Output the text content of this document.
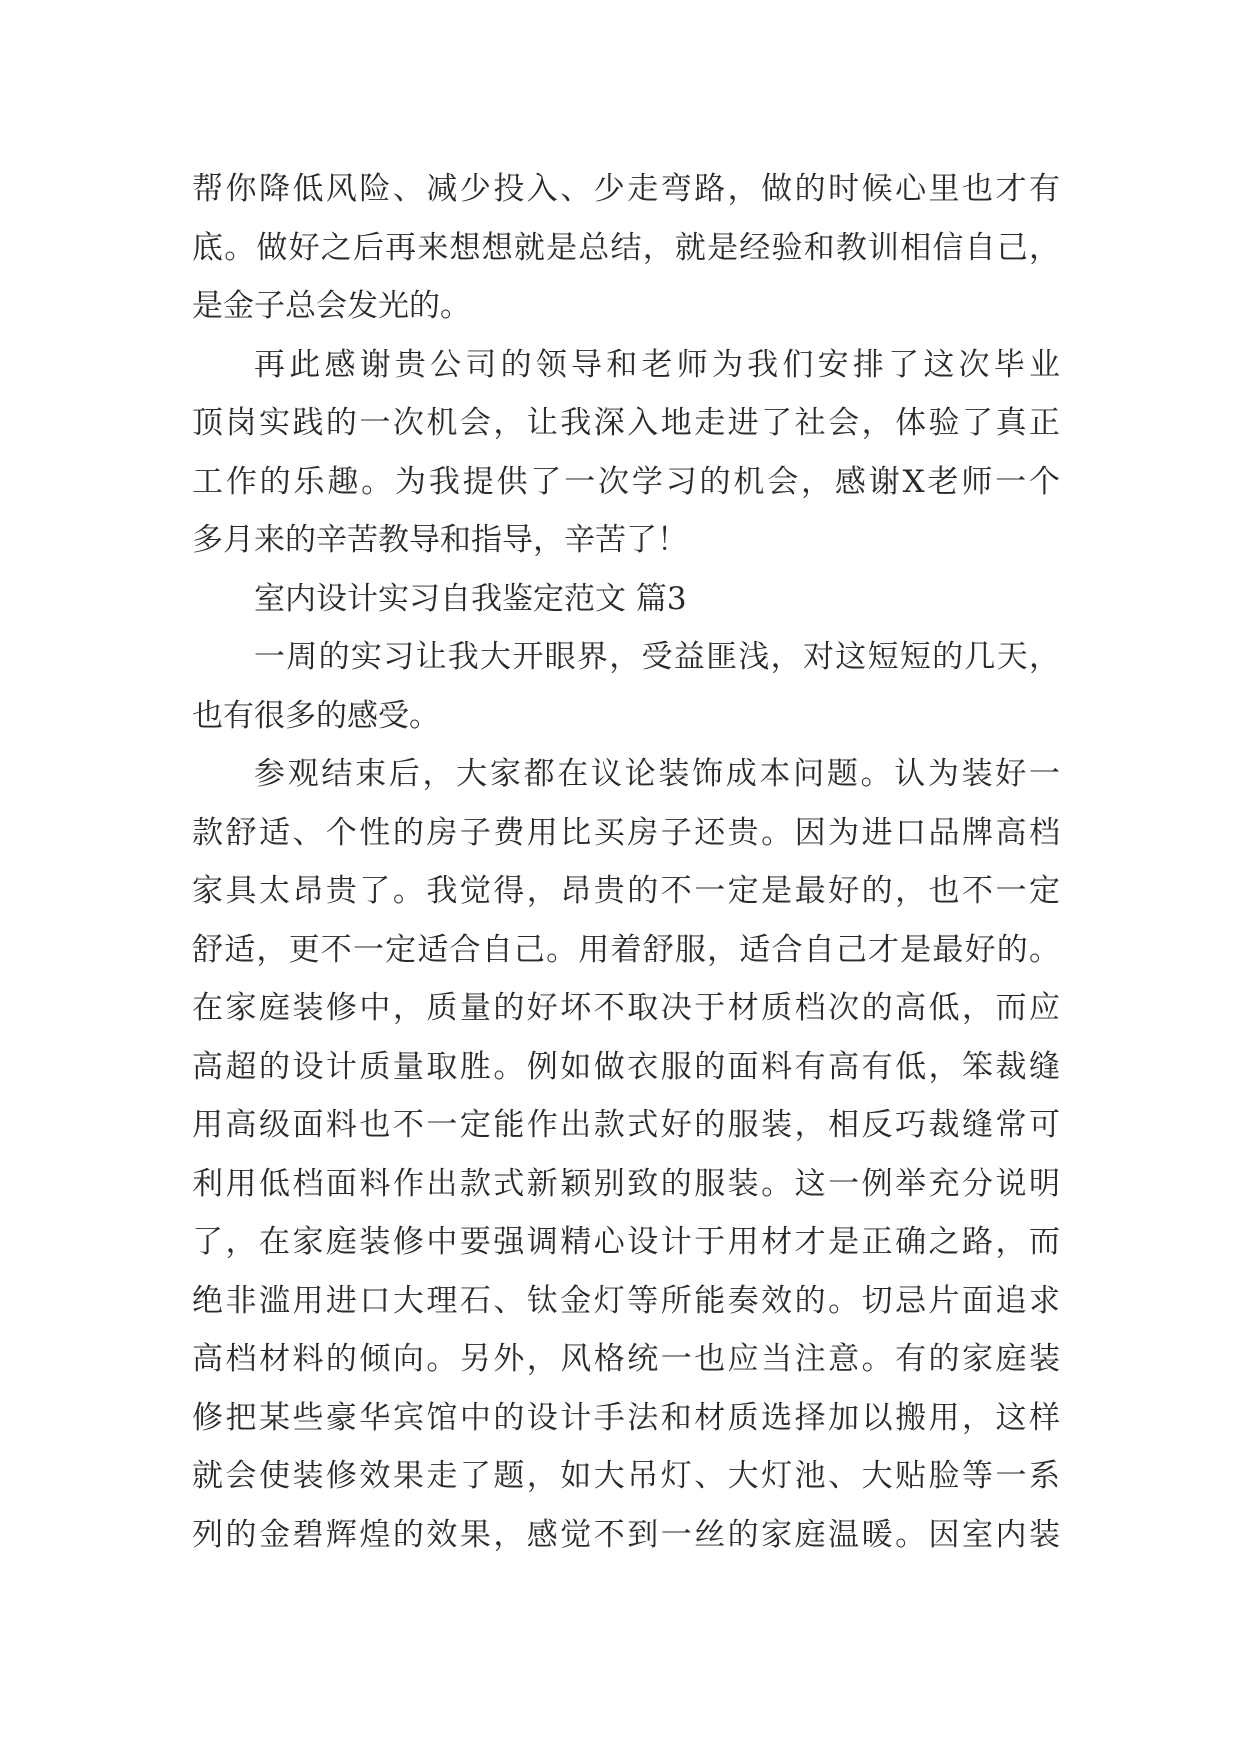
帮你降低风险、减少投入、少走弯路，做的时候心里也才有
底。做好之后再来想想就是总结，就是经验和教训相信自己，
是金子总会发光的。
再此感谢贵公司的领导和老师为我们安排了这次毕业
顶岗实践的一次机会，让我深入地走进了社会，体验了真正
工作的乐趣。为我提供了一次学习的机会，感谢X老师一个
多月来的辛苦教导和指导，辛苦了！
室内设计实习自我鉴定范文 篇3
一周的实习让我大开眼界，受益匪浅，对这短短的几天，
也有很多的感受。
参观结束后，大家都在议论装饰成本问题。认为装好一
款舒适、个性的房子费用比买房子还贵。因为进口品牌高档
家具太昂贵了。我觉得，昂贵的不一定是最好的，也不一定
舒适，更不一定适合自己。用着舒服，适合自己才是最好的。
在家庭装修中，质量的好坏不取决于材质档次的高低，而应
高超的设计质量取胜。例如做衣服的面料有高有低，笨裁缝
用高级面料也不一定能作出款式好的服装，相反巧裁缝常可
利用低档面料作出款式新颖别致的服装。这一例举充分说明
了，在家庭装修中要强调精心设计于用材才是正确之路，而
绝非滥用进口大理石、钛金灯等所能奏效的。切忌片面追求
高档材料的倾向。另外，风格统一也应当注意。有的家庭装
修把某些豪华宾馆中的设计手法和材质选择加以搬用，这样
就会使装修效果走了题，如大吊灯、大灯池、大贴脸等一系
列的金碧辉煌的效果，感觉不到一丝的家庭温暖。因室内装
